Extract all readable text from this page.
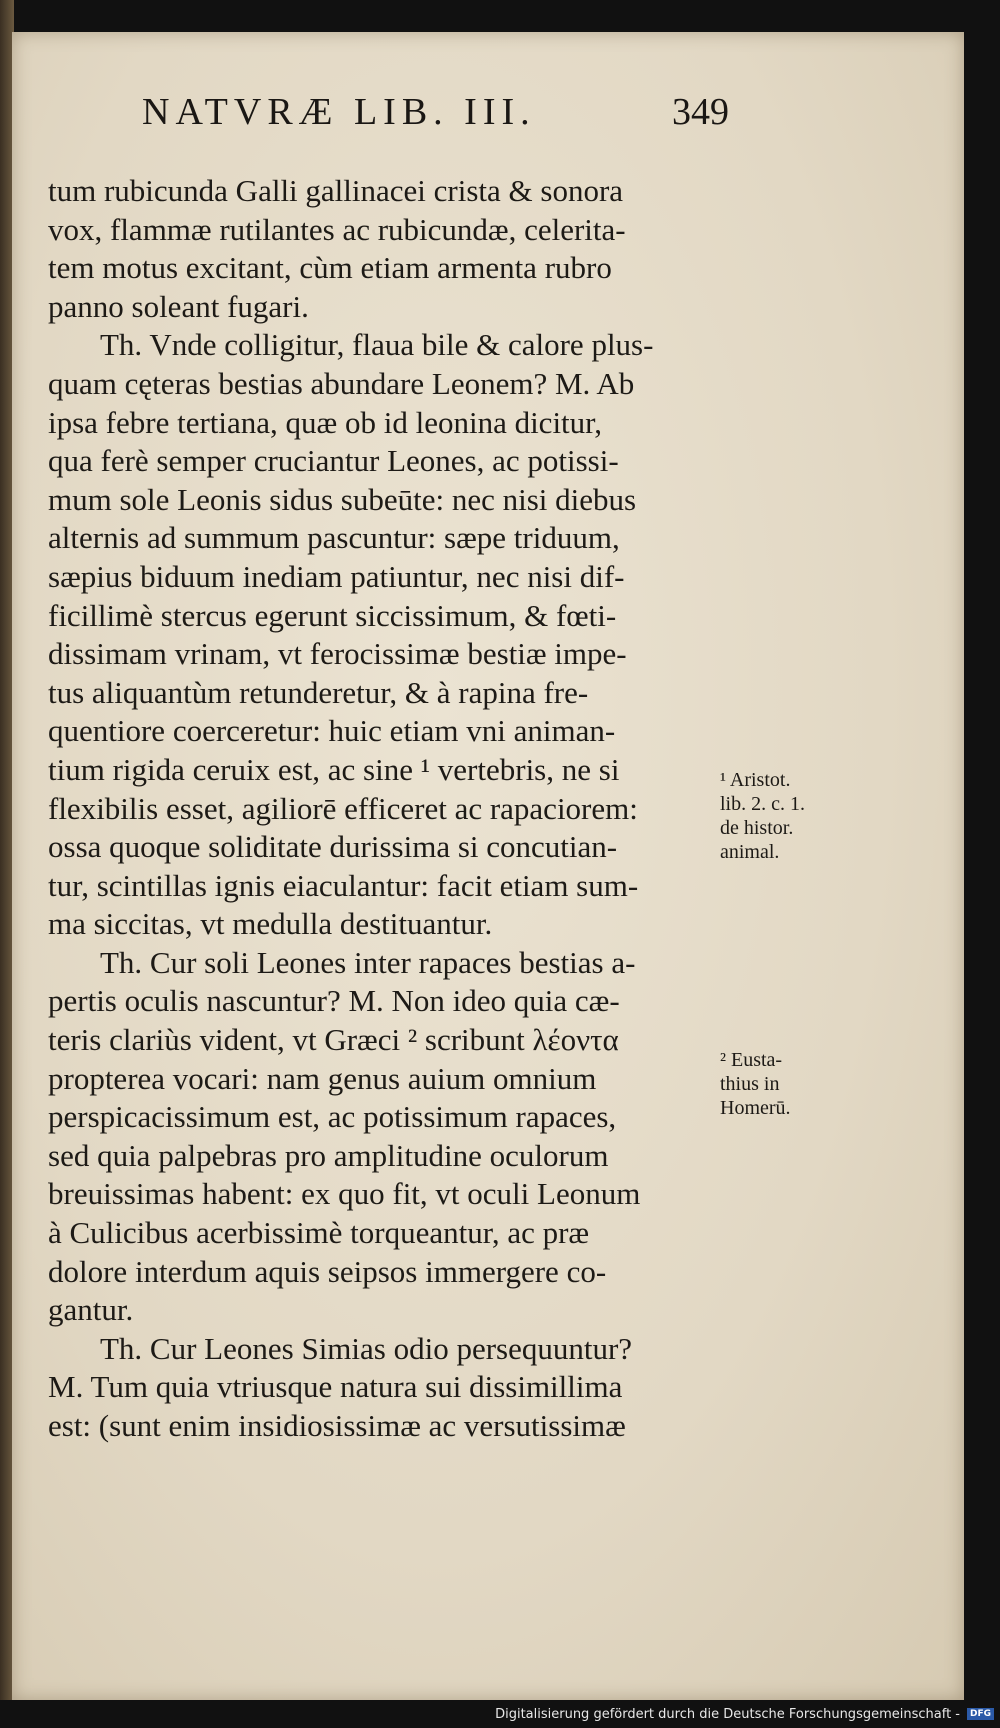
NATVRÆ LIB. III.	349
tum rubicunda Galli gallinacei crista & sonora
vox, flammæ rutilantes ac rubicundæ, celerita-
tem motus excitant, cùm etiam armenta rubro
panno soleant fugari.
Th. Vnde colligitur, flaua bile & calore plus-
quam cęteras bestias abundare Leonem? M. Ab
ipsa febre tertiana, quæ ob id leonina dicitur,
qua ferè semper cruciantur Leones, ac potissi-
mum sole Leonis sidus subeūte: nec nisi diebus
alternis ad summum pascuntur: sæpe triduum,
sæpius biduum inediam patiuntur, nec nisi dif-
ficillimè stercus egerunt siccissimum, & fœti-
dissimam vrinam, vt ferocissimæ bestiæ impe-
tus aliquantùm retunderetur, & à rapina fre-
quentiore coerceretur: huic etiam vni animan-
tium rigida ceruix est, ac sine ¹ vertebris, ne si
flexibilis esset, agiliorē efficeret ac rapaciorem:
ossa quoque soliditate durissima si concutian-
tur, scintillas ignis eiaculantur: facit etiam sum-
ma siccitas, vt medulla destituantur.
Th. Cur soli Leones inter rapaces bestias a-
pertis oculis nascuntur? M. Non ideo quia cæ-
teris clariùs vident, vt Græci ² scribunt λέοντα
propterea vocari: nam genus auium omnium
perspicacissimum est, ac potissimum rapaces,
sed quia palpebras pro amplitudine oculorum
breuissimas habent: ex quo fit, vt oculi Leonum
à Culicibus acerbissimè torqueantur, ac præ
dolore interdum aquis seipsos immergere co-
gantur.
Th. Cur Leones Simias odio persequuntur?
M. Tum quia vtriusque natura sui dissimillima
est: (sunt enim insidiosissimæ ac versutissimæ
¹ Aristot.
lib. 2. c. 1.
de histor.
animal.
² Eusta-
thius in
Homerū.
Digitalisierung gefördert durch die Deutsche Forschungsgemeinschaft -	DFG
